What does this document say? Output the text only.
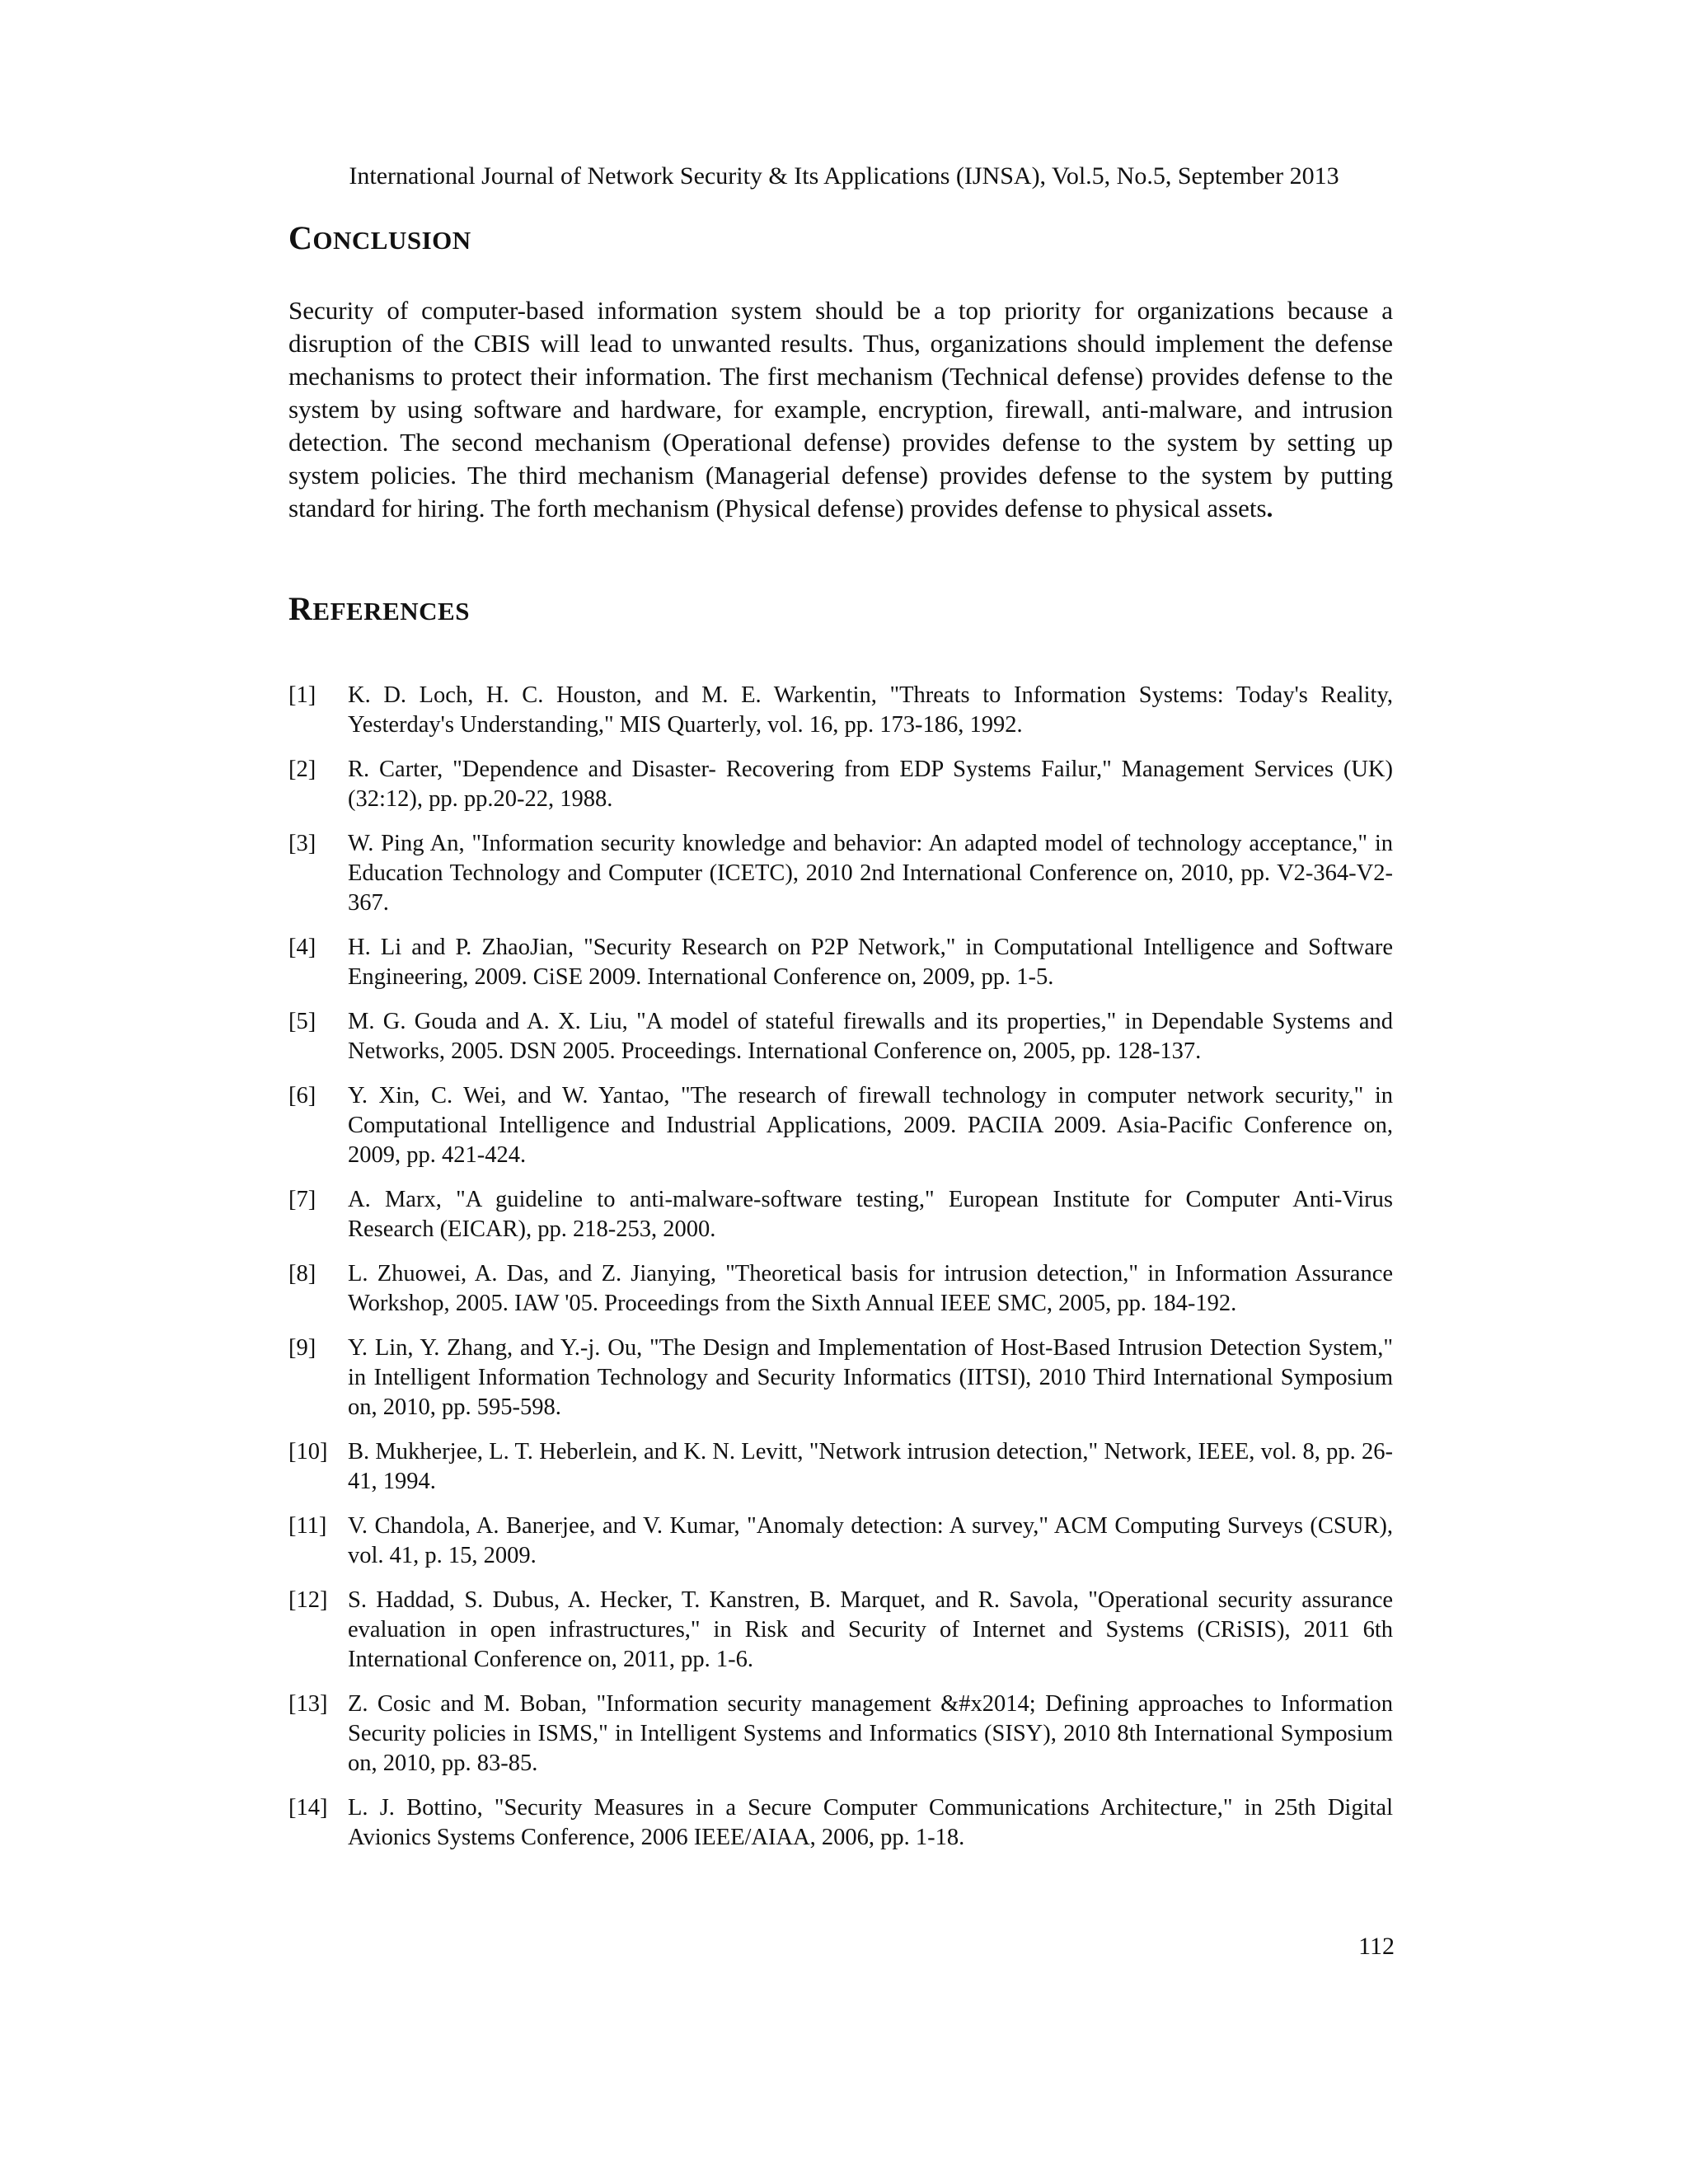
International Journal of Network Security & Its Applications (IJNSA), Vol.5, No.5, September 2013
CONCLUSION

Security of computer-based information system should be a top priority for organizations because a disruption of the CBIS will lead to unwanted results. Thus, organizations should implement the defense mechanisms to protect their information. The first mechanism (Technical defense) provides defense to the system by using software and hardware, for example, encryption, firewall, anti-malware, and intrusion detection. The second mechanism (Operational defense) provides defense to the system by setting up system policies. The third mechanism (Managerial defense) provides defense to the system by putting standard for hiring. The forth mechanism (Physical defense) provides defense to physical assets.

REFERENCES
[1]	K. D. Loch, H. C. Houston, and M. E. Warkentin, "Threats to Information Systems: Today's Reality, Yesterday's Understanding," MIS Quarterly, vol. 16, pp. 173-186, 1992.
[2]	R. Carter, "Dependence and Disaster- Recovering from EDP Systems Failur," Management Services (UK) (32:12), pp. pp.20-22, 1988.
[3]	W. Ping An, "Information security knowledge and behavior: An adapted model of technology acceptance," in Education Technology and Computer (ICETC), 2010 2nd International Conference on, 2010, pp. V2-364-V2-367.
[4]	H. Li and P. ZhaoJian, "Security Research on P2P Network," in Computational Intelligence and Software Engineering, 2009. CiSE 2009. International Conference on, 2009, pp. 1-5.
[5]	M. G. Gouda and A. X. Liu, "A model of stateful firewalls and its properties," in Dependable Systems and Networks, 2005. DSN 2005. Proceedings. International Conference on, 2005, pp. 128-137.
[6]	Y. Xin, C. Wei, and W. Yantao, "The research of firewall technology in computer network security," in Computational Intelligence and Industrial Applications, 2009. PACIIA 2009. Asia-Pacific Conference on, 2009, pp. 421-424.
[7]	A. Marx, "A guideline to anti-malware-software testing," European Institute for Computer Anti-Virus Research (EICAR), pp. 218-253, 2000.
[8]	L. Zhuowei, A. Das, and Z. Jianying, "Theoretical basis for intrusion detection," in Information Assurance Workshop, 2005. IAW '05. Proceedings from the Sixth Annual IEEE SMC, 2005, pp. 184-192.
[9]	Y. Lin, Y. Zhang, and Y.-j. Ou, "The Design and Implementation of Host-Based Intrusion Detection System," in Intelligent Information Technology and Security Informatics (IITSI), 2010 Third International Symposium on, 2010, pp. 595-598.
[10] B. Mukherjee, L. T. Heberlein, and K. N. Levitt, "Network intrusion detection," Network, IEEE, vol. 8, pp. 26-41, 1994.
[11] V. Chandola, A. Banerjee, and V. Kumar, "Anomaly detection: A survey," ACM Computing Surveys (CSUR), vol. 41, p. 15, 2009.
[12] S. Haddad, S. Dubus, A. Hecker, T. Kanstren, B. Marquet, and R. Savola, "Operational security assurance evaluation in open infrastructures," in Risk and Security of Internet and Systems (CRiSIS), 2011 6th International Conference on, 2011, pp. 1-6.
[13] Z. Cosic and M. Boban, "Information security management &#x2014; Defining approaches to Information Security policies in ISMS," in Intelligent Systems and Informatics (SISY), 2010 8th International Symposium on, 2010, pp. 83-85.
[14] L. J. Bottino, "Security Measures in a Secure Computer Communications Architecture," in 25th Digital Avionics Systems Conference, 2006 IEEE/AIAA, 2006, pp. 1-18.
112
